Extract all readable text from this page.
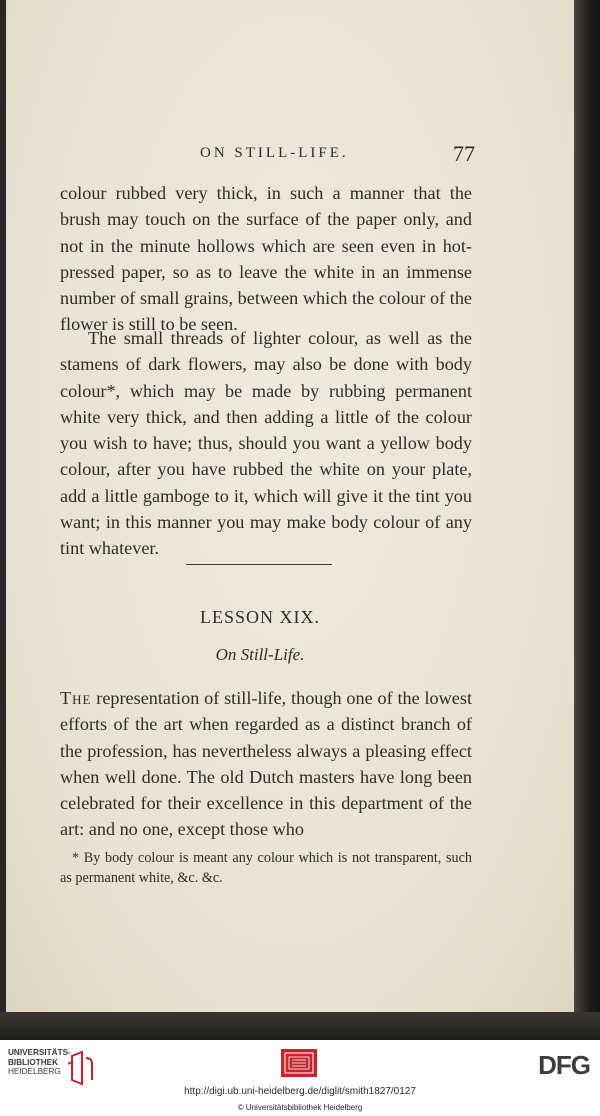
ON STILL-LIFE.	77

colour rubbed very thick, in such a manner that the brush may touch on the surface of the paper only, and not in the minute hollows which are seen even in hot-pressed paper, so as to leave the white in an immense number of small grains, between which the colour of the flower is still to be seen.

The small threads of lighter colour, as well as the stamens of dark flowers, may also be done with body colour*, which may be made by rubbing permanent white very thick, and then adding a little of the colour you wish to have; thus, should you want a yellow body colour, after you have rubbed the white on your plate, add a little gamboge to it, which will give it the tint you want; in this manner you may make body colour of any tint whatever.

LESSON XIX.
On Still-Life.

The representation of still-life, though one of the lowest efforts of the art when regarded as a distinct branch of the profession, has nevertheless always a pleasing effect when well done. The old Dutch masters have long been celebrated for their excellence in this department of the art: and no one, except those who

* By body colour is meant any colour which is not transparent, such as permanent white, &c. &c.

UNIVERSITÄTS-
BIBLIOTHEK
HEIDELBERG	DFG
http://digi.ub.uni-heidelberg.de/diglit/smith1827/0127
© Universitätsbibliothek Heidelberg
